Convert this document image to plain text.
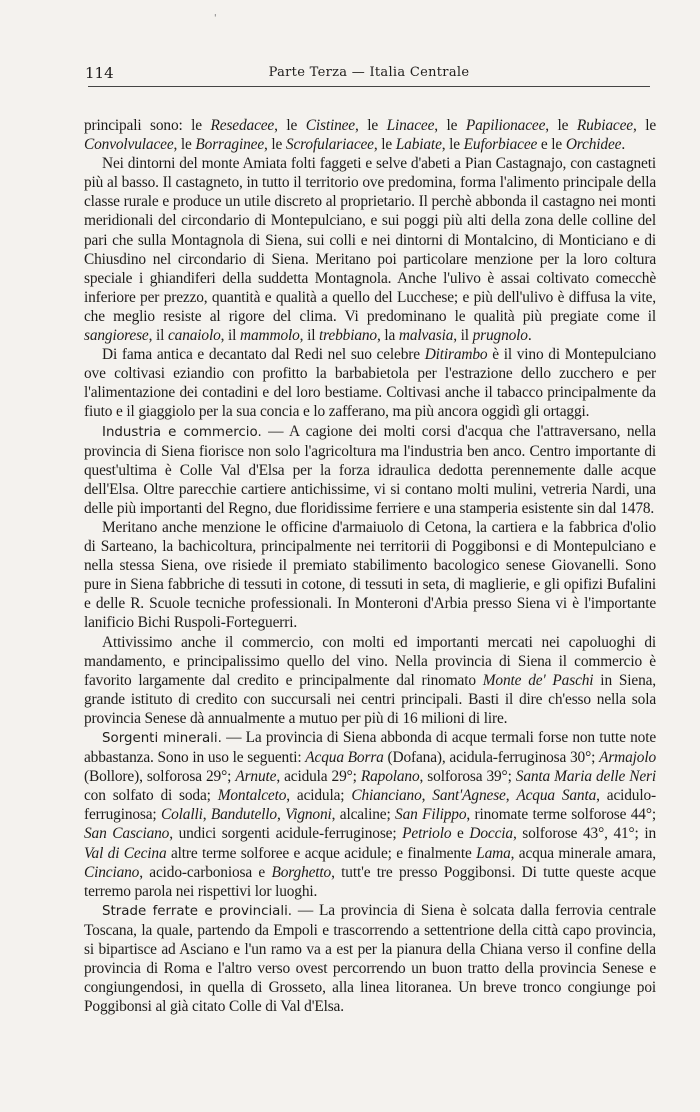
'
114	Parte Terza — Italia Centrale

principali sono: le Resedacee, le Cistinee, le Linacee, le Papilionacee, le Rubiacee, le Convolvulacee, le Borraginee, le Scrofulariacee, le Labiate, le Euforbiacee e le Orchidee.

Nei dintorni del monte Amiata folti faggeti e selve d'abeti a Pian Castagnajo, con castagneti più al basso. Il castagneto, in tutto il territorio ove predomina, forma l'alimento principale della classe rurale e produce un utile discreto al proprietario. Il perchè abbonda il castagno nei monti meridionali del circondario di Montepulciano, e sui poggi più alti della zona delle colline del pari che sulla Montagnola di Siena, sui colli e nei dintorni di Montalcino, di Monticiano e di Chiusdino nel circondario di Siena. Meritano poi particolare menzione per la loro coltura speciale i ghiandiferi della suddetta Montagnola. Anche l'ulivo è assai coltivato comecchè inferiore per prezzo, quantità e qualità a quello del Lucchese; e più dell'ulivo è diffusa la vite, che meglio resiste al rigore del clima. Vi predominano le qualità più pregiate come il sangiorese, il canaiolo, il mammolo, il trebbiano, la malvasia, il prugnolo.

Di fama antica e decantato dal Redi nel suo celebre Ditirambo è il vino di Montepulciano ove coltivasi eziandio con profitto la barbabietola per l'estrazione dello zucchero e per l'alimentazione dei contadini e del loro bestiame. Coltivasi anche il tabacco principalmente da fiuto e il giaggiolo per la sua concia e lo zafferano, ma più ancora oggidì gli ortaggi.

Industria e commercio. — A cagione dei molti corsi d'acqua che l'attraversano, nella provincia di Siena fiorisce non solo l'agricoltura ma l'industria ben anco. Centro importante di quest'ultima è Colle Val d'Elsa per la forza idraulica dedotta perennemente dalle acque dell'Elsa. Oltre parecchie cartiere antichissime, vi si contano molti mulini, vetreria Nardi, una delle più importanti del Regno, due floridissime ferriere e una stamperia esistente sin dal 1478.

Meritano anche menzione le officine d'armaiuolo di Cetona, la cartiera e la fabbrica d'olio di Sarteano, la bachicoltura, principalmente nei territorii di Poggibonsi e di Montepulciano e nella stessa Siena, ove risiede il premiato stabilimento bacologico senese Giovanelli. Sono pure in Siena fabbriche di tessuti in cotone, di tessuti in seta, di maglierie, e gli opifizi Bufalini e delle R. Scuole tecniche professionali. In Monteroni d'Arbia presso Siena vi è l'importante lanificio Bichi Ruspoli-Forteguerri.

Attivissimo anche il commercio, con molti ed importanti mercati nei capoluoghi di mandamento, e principalissimo quello del vino. Nella provincia di Siena il commercio è favorito largamente dal credito e principalmente dal rinomato Monte de' Paschi in Siena, grande istituto di credito con succursali nei centri principali. Basti il dire ch'esso nella sola provincia Senese dà annualmente a mutuo per più di 16 milioni di lire.

Sorgenti minerali. — La provincia di Siena abbonda di acque termali forse non tutte note abbastanza. Sono in uso le seguenti: Acqua Borra (Dofana), acidula-ferruginosa 30°; Armajolo (Bollore), solforosa 29°; Arnute, acidula 29°; Rapolano, solforosa 39°; Santa Maria delle Neri con solfato di soda; Montalceto, acidula; Chianciano, Sant'Agnese, Acqua Santa, acidulo-ferruginosa; Colalli, Bandutello, Vignoni, alcaline; San Filippo, rinomate terme solforose 44°; San Casciano, undici sorgenti acidule-ferruginose; Petriolo e Doccia, solforose 43°, 41°; in Val di Cecina altre terme solforee e acque acidule; e finalmente Lama, acqua minerale amara, Cinciano, acido-carboniosa e Borghetto, tutt'e tre presso Poggibonsi. Di tutte queste acque terremo parola nei rispettivi lor luoghi.

Strade ferrate e provinciali. — La provincia di Siena è solcata dalla ferrovia centrale Toscana, la quale, partendo da Empoli e trascorrendo a settentrione della città capo provincia, si bipartisce ad Asciano e l'un ramo va a est per la pianura della Chiana verso il confine della provincia di Roma e l'altro verso ovest percorrendo un buon tratto della provincia Senese e congiungendosi, in quella di Grosseto, alla linea litoranea. Un breve tronco congiunge poi Poggibonsi al già citato Colle di Val d'Elsa.
